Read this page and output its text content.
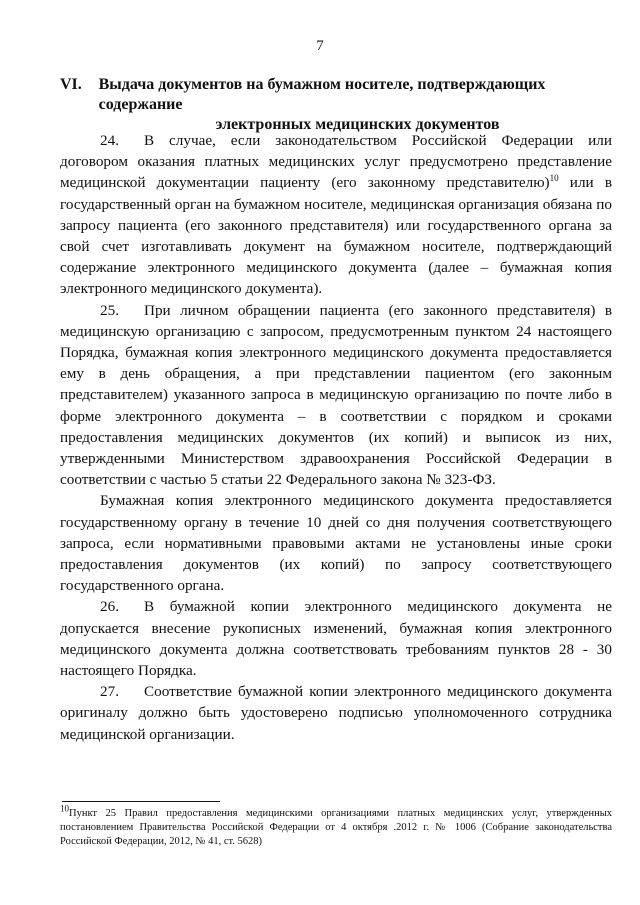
7
VI.	Выдача документов на бумажном носителе, подтверждающих содержание
электронных медицинских документов

24. В случае, если законодательством Российской Федерации или договором оказания платных медицинских услуг предусмотрено представление медицинской документации пациенту (его законному представителю)$^{10}$ или в государственный орган на бумажном носителе, медицинская организация обязана по запросу пациента (его законного представителя) или государственного органа за свой счет изготавливать документ на бумажном носителе, подтверждающий содержание электронного медицинского документа (далее – бумажная копия электронного медицинского документа).

25. При личном обращении пациента (его законного представителя) в медицинскую организацию с запросом, предусмотренным пунктом 24 настоящего Порядка, бумажная копия электронного медицинского документа предоставляется ему в день обращения, а при представлении пациентом (его законным представителем) указанного запроса в медицинскую организацию по почте либо в форме электронного документа – в соответствии с порядком и сроками предоставления медицинских документов (их копий) и выписок из них, утвержденными Министерством здравоохранения Российской Федерации в соответствии с частью 5 статьи 22 Федерального закона № 323-ФЗ.

Бумажная копия электронного медицинского документа предоставляется государственному органу в течение 10 дней со дня получения соответствующего запроса, если нормативными правовыми актами не установлены иные сроки предоставления документов (их копий) по запросу соответствующего государственного органа.

26. В бумажной копии электронного медицинского документа не допускается внесение рукописных изменений, бумажная копия электронного медицинского документа должна соответствовать требованиям пунктов 28 - 30 настоящего Порядка.

27. Соответствие бумажной копии электронного медицинского документа оригиналу должно быть удостоверено подписью уполномоченного сотрудника медицинской организации.

$^{10}$Пункт 25 Правил предоставления медицинскими организациями платных медицинских услуг, утвержденных постановлением Правительства Российской Федерации от 4 октября .2012 г. № 1006 (Собрание законодательства Российской Федерации, 2012, № 41, ст. 5628)
